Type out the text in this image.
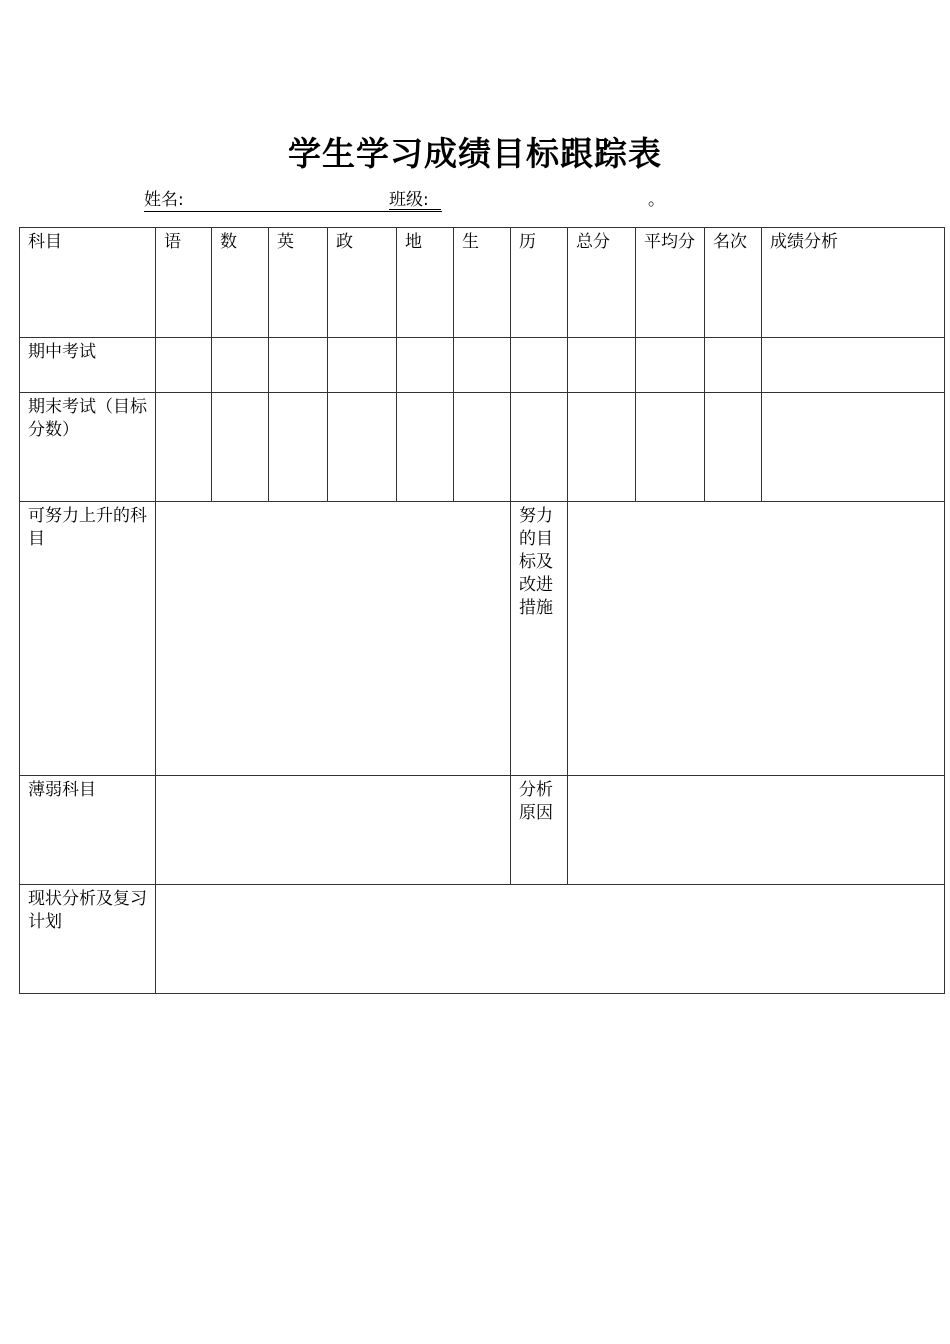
学生学习成绩目标跟踪表
姓名:	班级:	。
科目	语	数	英	政	地	生	历	总分	平均分	名次	成绩分析
期中考试											
期末考试（目标分数）											
可努力上升的科目							努力的目标及改进措施				
薄弱科目							分析原因				
现状分析及复习计划											
